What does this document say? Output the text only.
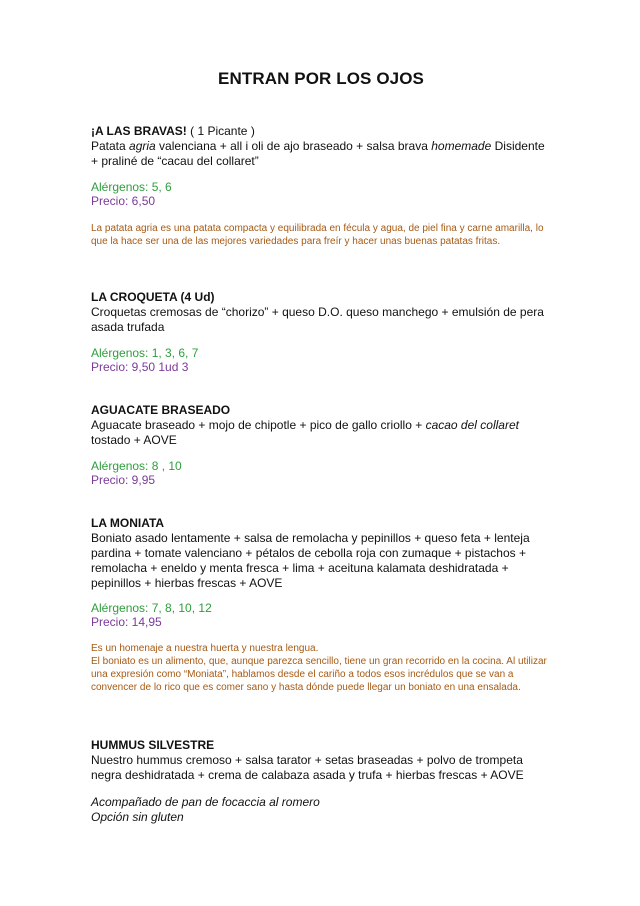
ENTRAN POR LOS OJOS

¡A LAS BRAVAS! ( 1 Picante )

Patata agria valenciana + all i oli de ajo braseado + salsa brava homemade Disidente + praliné de “cacau del collaret”

Alérgenos: 5, 6
Precio: 6,50
La patata agria es una patata compacta y equilibrada en fécula y agua, de piel fina y carne amarilla, lo que la hace ser una de las mejores variedades para freír y hacer unas buenas patatas fritas.

LA CROQUETA (4 Ud)

Croquetas cremosas de “chorizo” + queso D.O. queso manchego + emulsión de pera asada trufada

Alérgenos: 1, 3, 6, 7
Precio: 9,50 1ud 3

AGUACATE BRASEADO

Aguacate braseado + mojo de chipotle + pico de gallo criollo + cacao del collaret tostado + AOVE

Alérgenos: 8 , 10
Precio: 9,95

LA MONIATA

Boniato asado lentamente + salsa de remolacha y pepinillos + queso feta + lenteja pardina + tomate valenciano + pétalos de cebolla roja con zumaque + pistachos + remolacha + eneldo y menta fresca + lima + aceituna kalamata deshidratada + pepinillos + hierbas frescas + AOVE

Alérgenos: 7, 8, 10, 12
Precio: 14,95

Es un homenaje a nuestra huerta y nuestra lengua.

El boniato es un alimento, que, aunque parezca sencillo, tiene un gran recorrido en la cocina. Al utilizar una expresión como “Moniata”, hablamos desde el cariño a todos esos incrédulos que se van a convencer de lo rico que es comer sano y hasta dónde puede llegar un boniato en una ensalada.

HUMMUS SILVESTRE

Nuestro hummus cremoso + salsa tarator + setas braseadas + polvo de trompeta negra deshidratada + crema de calabaza asada y trufa + hierbas frescas + AOVE

Acompañado de pan de focaccia al romero

Opción sin gluten
